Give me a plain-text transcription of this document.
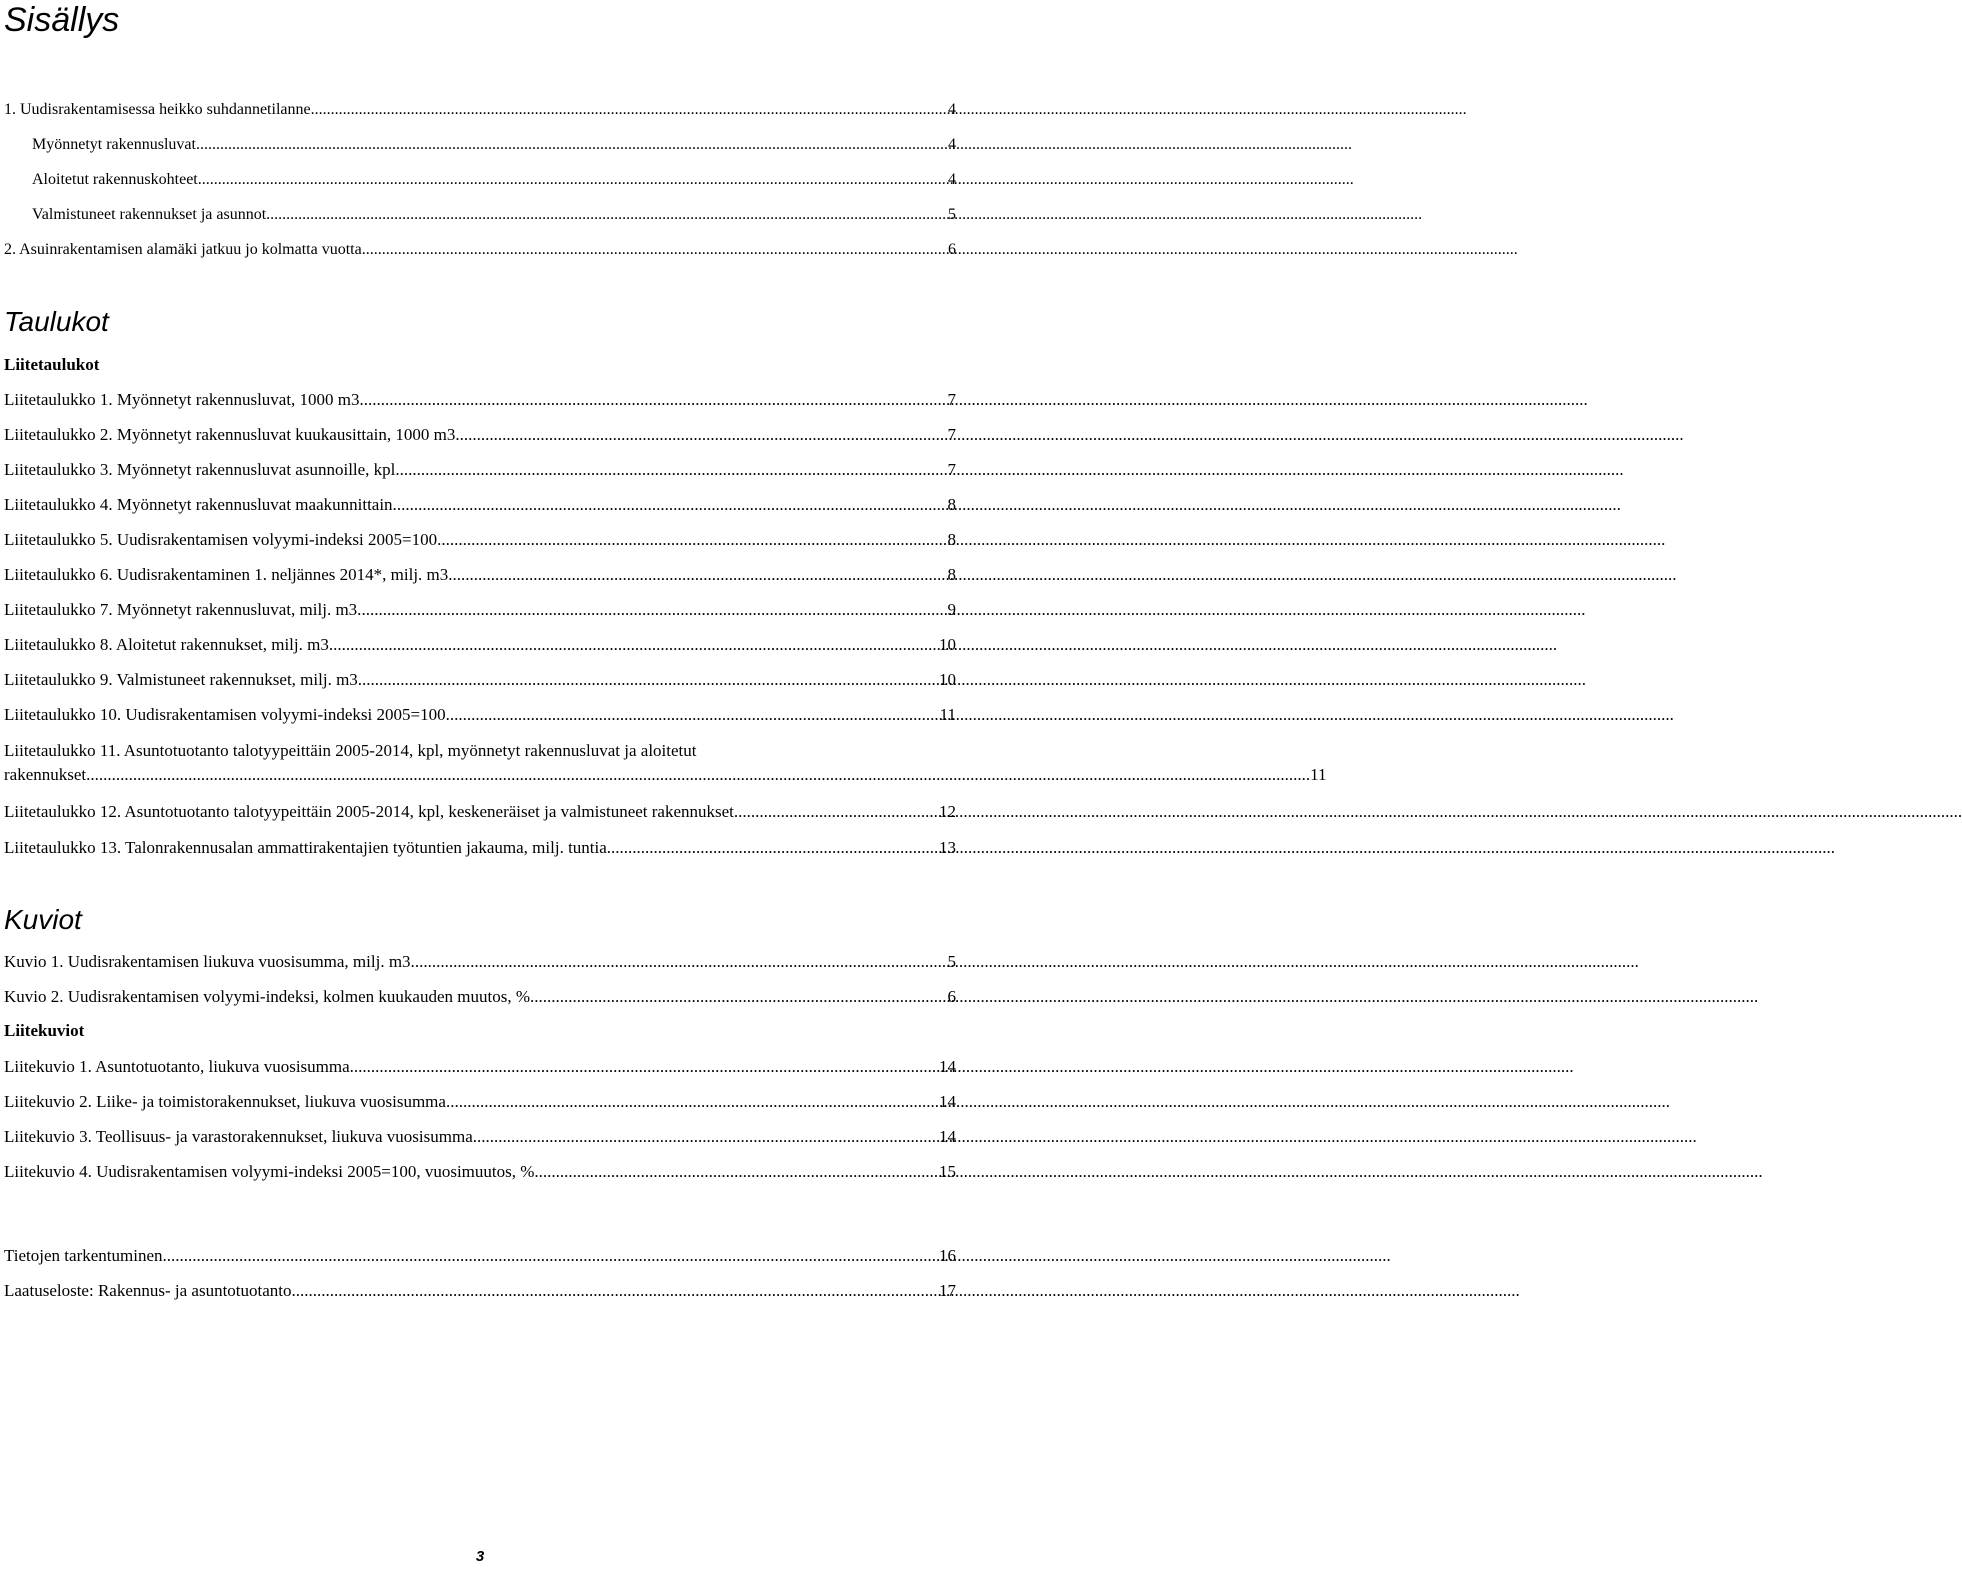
Sisällys
1. Uudisrakentamisessa heikko suhdannetilanne. .....	4
Myönnetyt rakennusluvat. .....	4
Aloitetut rakennuskohteet. .....	4
Valmistuneet rakennukset ja asunnot. .....	5
2. Asuinrakentamisen alamäki jatkuu jo kolmatta vuotta. .....	6
Taulukot
Liitetaulukot
Liitetaulukko 1. Myönnetyt rakennusluvat, 1000 m3. .....	7
Liitetaulukko 2. Myönnetyt rakennusluvat kuukausittain, 1000 m3. .....	7
Liitetaulukko 3. Myönnetyt rakennusluvat asunnoille, kpl. .....	7
Liitetaulukko 4. Myönnetyt rakennusluvat maakunnittain. .....	8
Liitetaulukko 5. Uudisrakentamisen volyymi-indeksi 2005=100. .....	8
Liitetaulukko 6. Uudisrakentaminen 1. neljännes 2014*, milj. m3. .....	8
Liitetaulukko 7. Myönnetyt rakennusluvat, milj. m3. .....	9
Liitetaulukko 8. Aloitetut rakennukset, milj. m3. .....	10
Liitetaulukko 9. Valmistuneet rakennukset, milj. m3. .....	10
Liitetaulukko 10. Uudisrakentamisen volyymi-indeksi 2005=100. .....	11
Liitetaulukko 11. Asuntotuotanto talotyypeittäin 2005-2014, kpl, myönnetyt rakennusluvat ja aloitetut
rakennukset .....	11
Liitetaulukko 12. Asuntotuotanto talotyypeittäin 2005-2014, kpl, keskeneräiset ja valmistuneet rakennukset. .....	12
Liitetaulukko 13. Talonrakennusalan ammattirakentajien työtuntien jakauma, milj. tuntia. .....	13
Kuviot
Kuvio 1. Uudisrakentamisen liukuva vuosisumma, milj. m3. .....	5
Kuvio 2. Uudisrakentamisen volyymi-indeksi, kolmen kuukauden muutos, %. .....	6
Liitekuviot
Liitekuvio 1. Asuntotuotanto, liukuva vuosisumma .....	14
Liitekuvio 2. Liike- ja toimistorakennukset, liukuva vuosisumma .....	14
Liitekuvio 3. Teollisuus- ja varastorakennukset, liukuva vuosisumma .....	14
Liitekuvio 4. Uudisrakentamisen volyymi-indeksi 2005=100, vuosimuutos, %. .....	15
Tietojen tarkentuminen. .....	16
Laatuseloste: Rakennus- ja asuntotuotanto. .....	17
3
